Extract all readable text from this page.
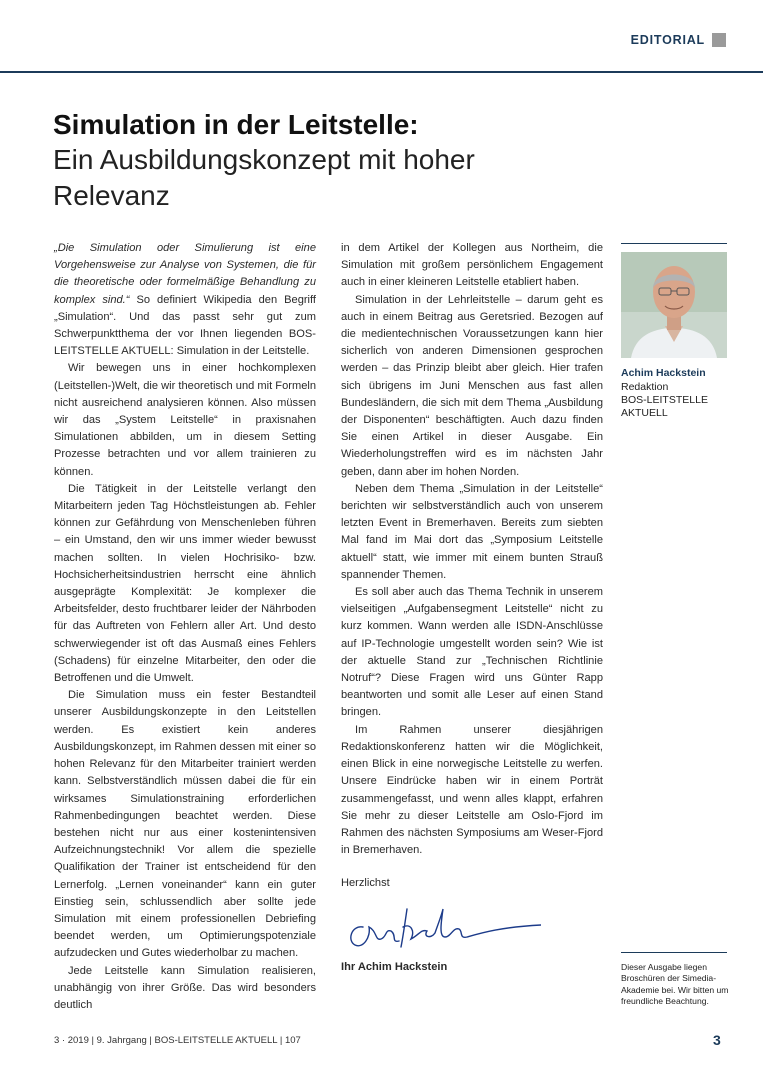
EDITORIAL
Simulation in der Leitstelle:
Ein Ausbildungskonzept mit hoher Relevanz

„Die Simulation oder Simulierung ist eine Vorgehensweise zur Analyse von Systemen, die für die theoretische oder formelmäßige Behandlung zu komplex sind.“ So definiert Wikipedia den Begriff „Simulation“. Und das passt sehr gut zum Schwerpunktthema der vor Ihnen liegenden BOS-LEITSTELLE AKTUELL: Simulation in der Leitstelle.

Wir bewegen uns in einer hochkomplexen (Leitstellen-)Welt, die wir theoretisch und mit Formeln nicht ausreichend analysieren können. Also müssen wir das „System Leitstelle“ in praxisnahen Simulationen abbilden, um in diesem Setting Prozesse betrachten und vor allem trainieren zu können.

Die Tätigkeit in der Leitstelle verlangt den Mitarbeitern jeden Tag Höchstleistungen ab. Fehler können zur Gefährdung von Menschenleben führen – ein Umstand, den wir uns immer wieder bewusst machen sollten. In vielen Hochrisiko- bzw. Hochsicherheitsindustrien herrscht eine ähnlich ausgeprägte Komplexität: Je komplexer die Arbeitsfelder, desto fruchtbarer leider der Nährboden für das Auftreten von Fehlern aller Art. Und desto schwerwiegender ist oft das Ausmaß eines Fehlers (Schadens) für einzelne Mitarbeiter, den oder die Betroffenen und die Umwelt.

Die Simulation muss ein fester Bestandteil unserer Ausbildungskonzepte in den Leitstellen werden. Es existiert kein anderes Ausbildungskonzept, im Rahmen dessen mit einer so hohen Relevanz für den Mitarbeiter trainiert werden kann. Selbstverständlich müssen dabei die für ein wirksames Simulationstraining erforderlichen Rahmenbedingungen beachtet werden. Diese bestehen nicht nur aus einer kostenintensiven Aufzeichnungstechnik! Vor allem die spezielle Qualifikation der Trainer ist entscheidend für den Lernerfolg. „Lernen voneinander“ kann ein guter Einstieg sein, schlussendlich aber sollte jede Simulation mit einem professionellen Debriefing beendet werden, um Optimierungspotenziale aufzudecken und Gutes wiederholbar zu machen.

Jede Leitstelle kann Simulation realisieren, unabhängig von ihrer Größe. Das wird besonders deutlich

in dem Artikel der Kollegen aus Northeim, die Simulation mit großem persönlichem Engagement auch in einer kleineren Leitstelle etabliert haben.

Simulation in der Lehrleitstelle – darum geht es auch in einem Beitrag aus Geretsried. Bezogen auf die medientechnischen Voraussetzungen kann hier sicherlich von anderen Dimensionen gesprochen werden – das Prinzip bleibt aber gleich. Hier trafen sich übrigens im Juni Menschen aus fast allen Bundesländern, die sich mit dem Thema „Ausbildung der Disponenten“ beschäftigten. Auch dazu finden Sie einen Artikel in dieser Ausgabe. Ein Wiederholungstreffen wird es im nächsten Jahr geben, dann aber im hohen Norden.

Neben dem Thema „Simulation in der Leitstelle“ berichten wir selbstverständlich auch von unserem letzten Event in Bremerhaven. Bereits zum siebten Mal fand im Mai dort das „Symposium Leitstelle aktuell“ statt, wie immer mit einem bunten Strauß spannender Themen.

Es soll aber auch das Thema Technik in unserem vielseitigen „Aufgabensegment Leitstelle“ nicht zu kurz kommen. Wann werden alle ISDN-Anschlüsse auf IP-Technologie umgestellt worden sein? Wie ist der aktuelle Stand zur „Technischen Richtlinie Notruf“? Diese Fragen wird uns Günter Rapp beantworten und somit alle Leser auf einen Stand bringen.

Im Rahmen unserer diesjährigen Redaktionskonferenz hatten wir die Möglichkeit, einen Blick in eine norwegische Leitstelle zu werfen. Unsere Eindrücke haben wir in einem Porträt zusammengefasst, und wenn alles klappt, erfahren Sie mehr zu dieser Leitstelle am Oslo-Fjord im Rahmen des nächsten Symposiums am Weser-Fjord in Bremerhaven.

Herzlichst

Ihr Achim Hackstein

Achim Hackstein
Redaktion
BOS-LEITSTELLE
AKTUELL
Dieser Ausgabe liegen Broschüren der Simedia-Akademie bei. Wir bitten um freundliche Beachtung.
3 · 2019 | 9. Jahrgang | BOS-LEITSTELLE AKTUELL | 107	3
